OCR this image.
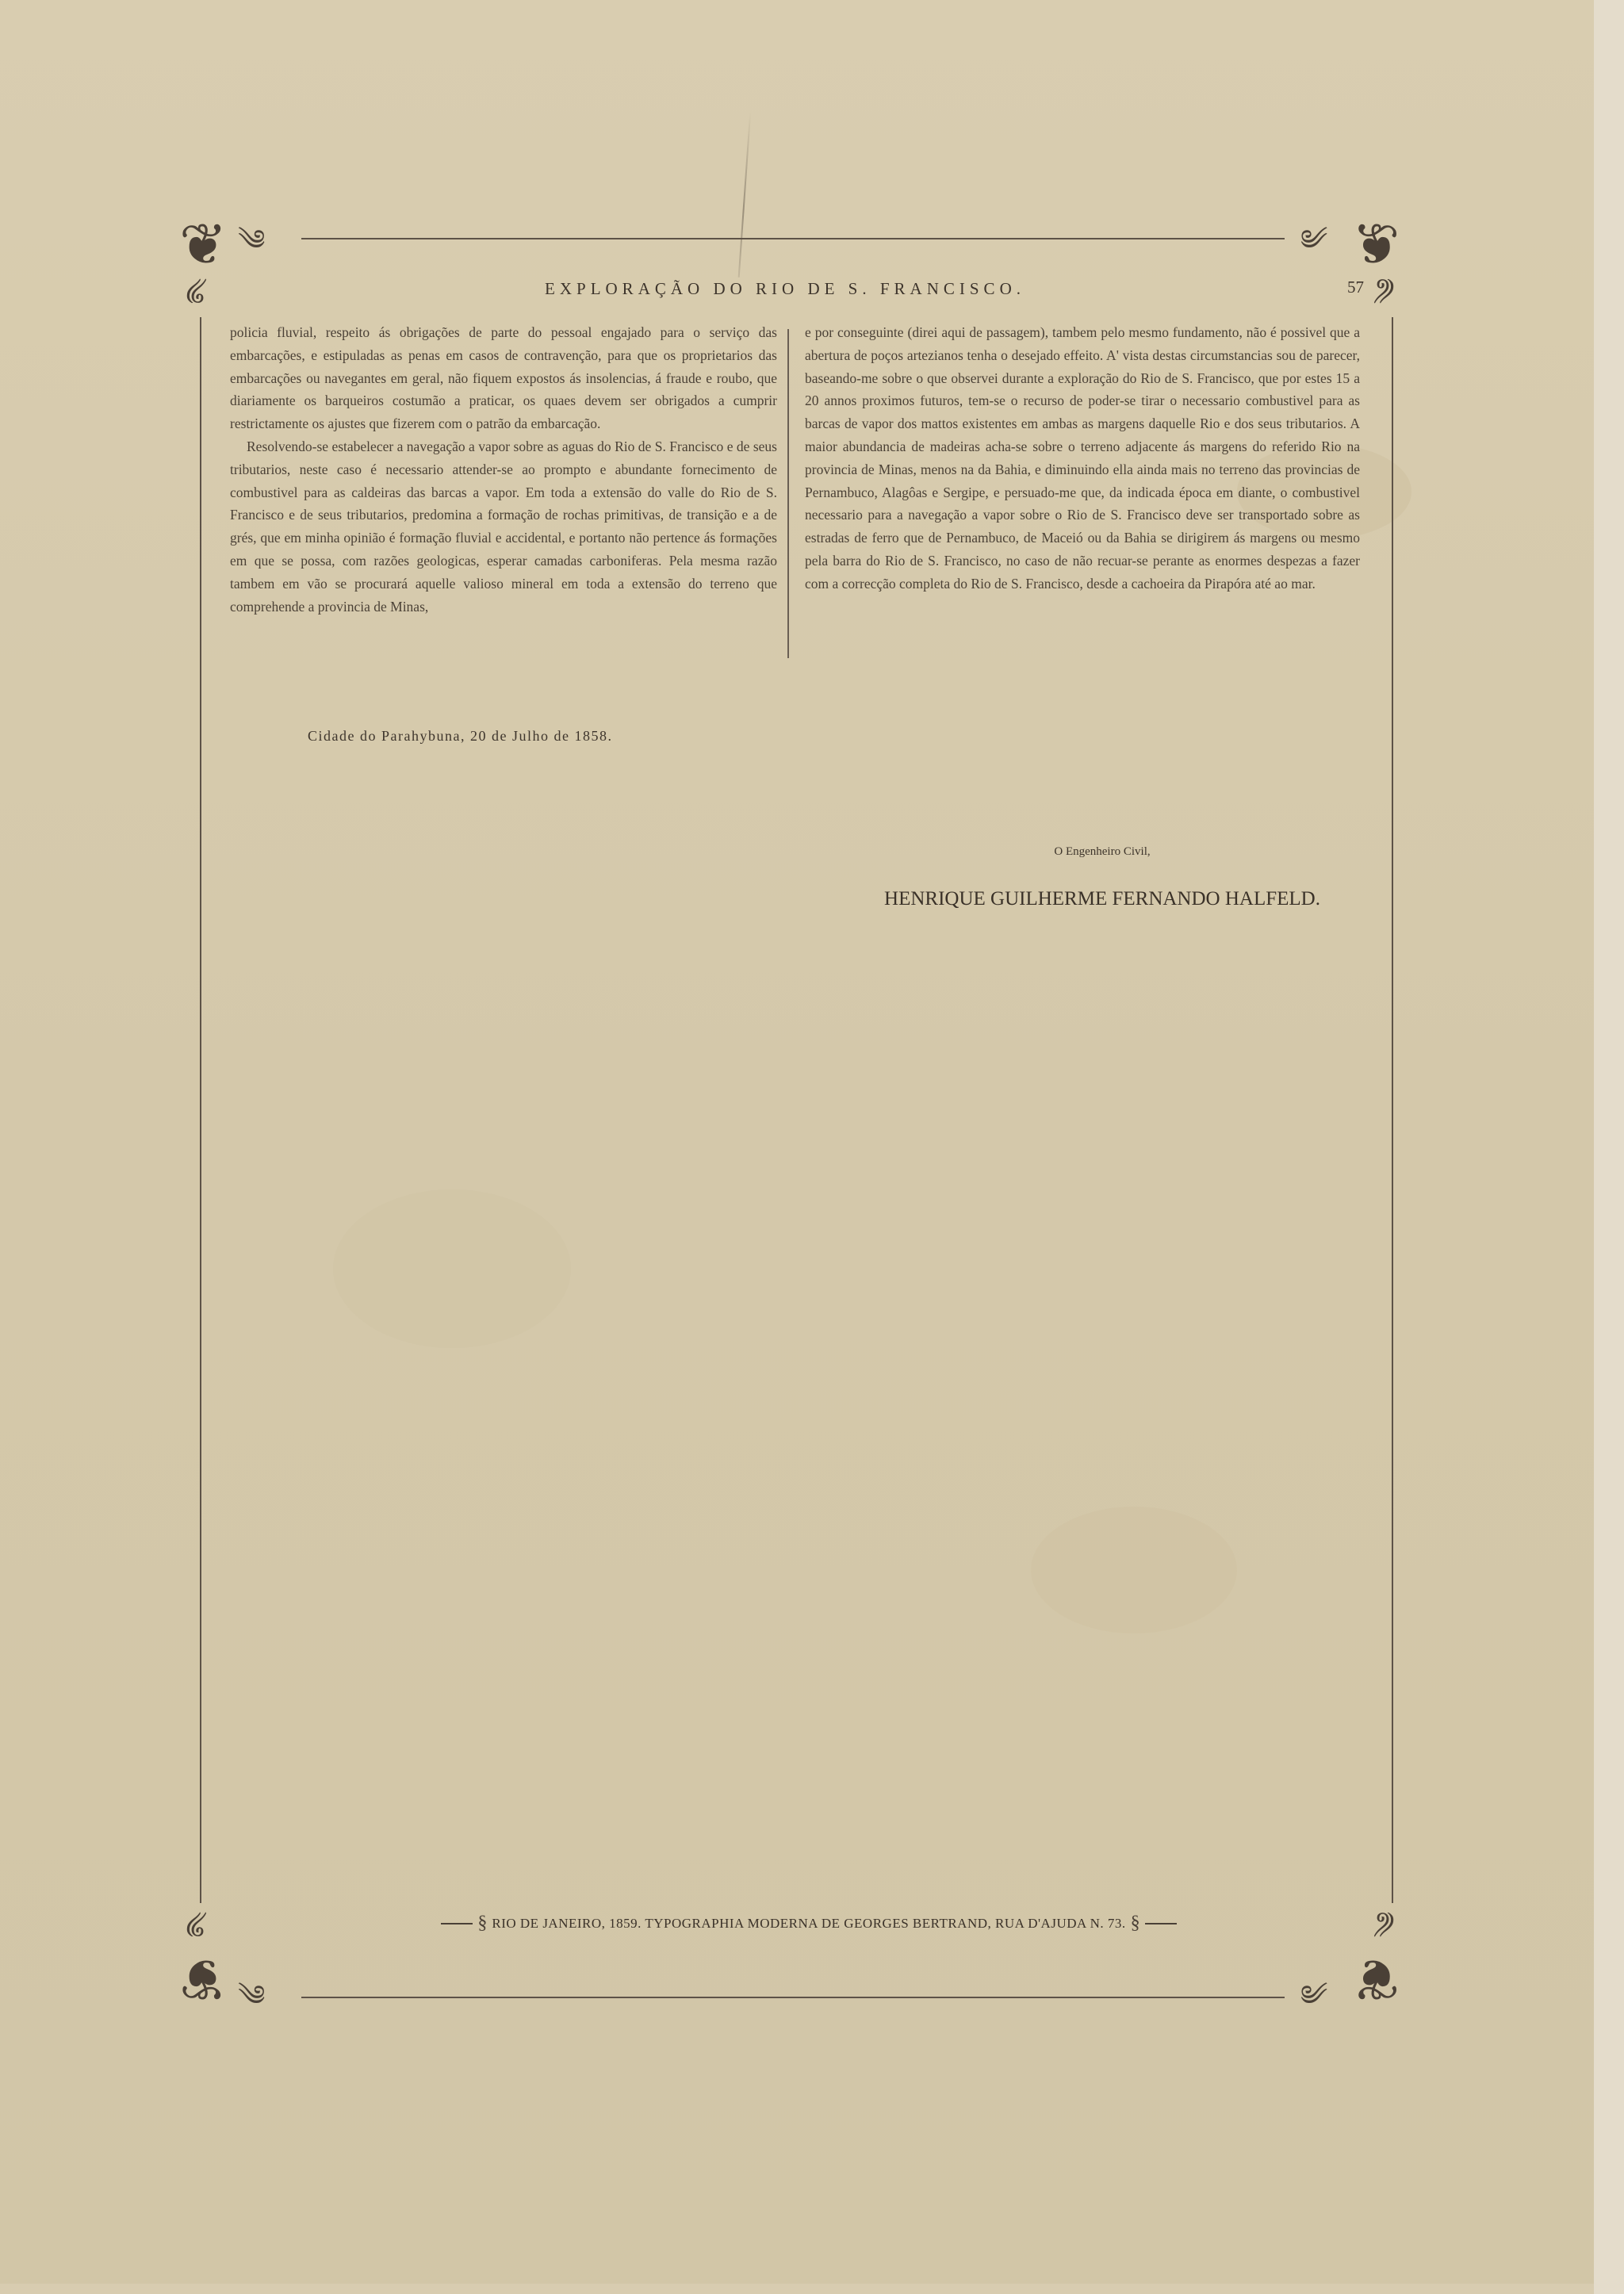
❦ ༄
༄
❦
༄
༄
❦ ༄
༄
❦
༄
༄
EXPLORAÇÃO DO RIO DE S. FRANCISCO.	57

policia fluvial, respeito ás obrigações de parte do pessoal engajado para o serviço das embarcações, e estipuladas as penas em casos de contravenção, para que os proprietarios das embarcações ou navegantes em geral, não fiquem expostos ás insolencias, á fraude e roubo, que diariamente os barqueiros costumão a praticar, os quaes devem ser obrigados a cumprir restrictamente os ajustes que fizerem com o patrão da embarcação.

Resolvendo-se estabelecer a navegação a vapor sobre as aguas do Rio de S. Francisco e de seus tributarios, neste caso é necessario attender-se ao prompto e abundante fornecimento de combustivel para as caldeiras das barcas a vapor. Em toda a extensão do valle do Rio de S. Francisco e de seus tributarios, predomina a formação de rochas primitivas, de transição e a de grés, que em minha opinião é formação fluvial e accidental, e portanto não pertence ás formações em que se possa, com razões geologicas, esperar camadas carboniferas. Pela mesma razão tambem em vão se procurará aquelle valioso mineral em toda a extensão do terreno que comprehende a provincia de Minas,

e por conseguinte (direi aqui de passagem), tambem pelo mesmo fundamento, não é possivel que a abertura de poços artezianos tenha o desejado effeito. A' vista destas circumstancias sou de parecer, baseando-me sobre o que observei durante a exploração do Rio de S. Francisco, que por estes 15 a 20 annos proximos futuros, tem-se o recurso de poder-se tirar o necessario combustivel para as barcas de vapor dos mattos existentes em ambas as margens daquelle Rio e dos seus tributarios. A maior abundancia de madeiras acha-se sobre o terreno adjacente ás margens do referido Rio na provincia de Minas, menos na da Bahia, e diminuindo ella ainda mais no terreno das provincias de Pernambuco, Alagôas e Sergipe, e persuado-me que, da indicada época em diante, o combustivel necessario para a navegação a vapor sobre o Rio de S. Francisco deve ser transportado sobre as estradas de ferro que de Pernambuco, de Maceió ou da Bahia se dirigirem ás margens ou mesmo pela barra do Rio de S. Francisco, no caso de não recuar-se perante as enormes despezas a fazer com a correcção completa do Rio de S. Francisco, desde a cachoeira da Pirapóra até ao mar.

Cidade do Parahybuna, 20 de Julho de 1858.
O Engenheiro Civil,
HENRIQUE GUILHERME FERNANDO HALFELD.
§ RIO DE JANEIRO, 1859. TYPOGRAPHIA MODERNA DE GEORGES BERTRAND, RUA D'AJUDA N. 73. §
